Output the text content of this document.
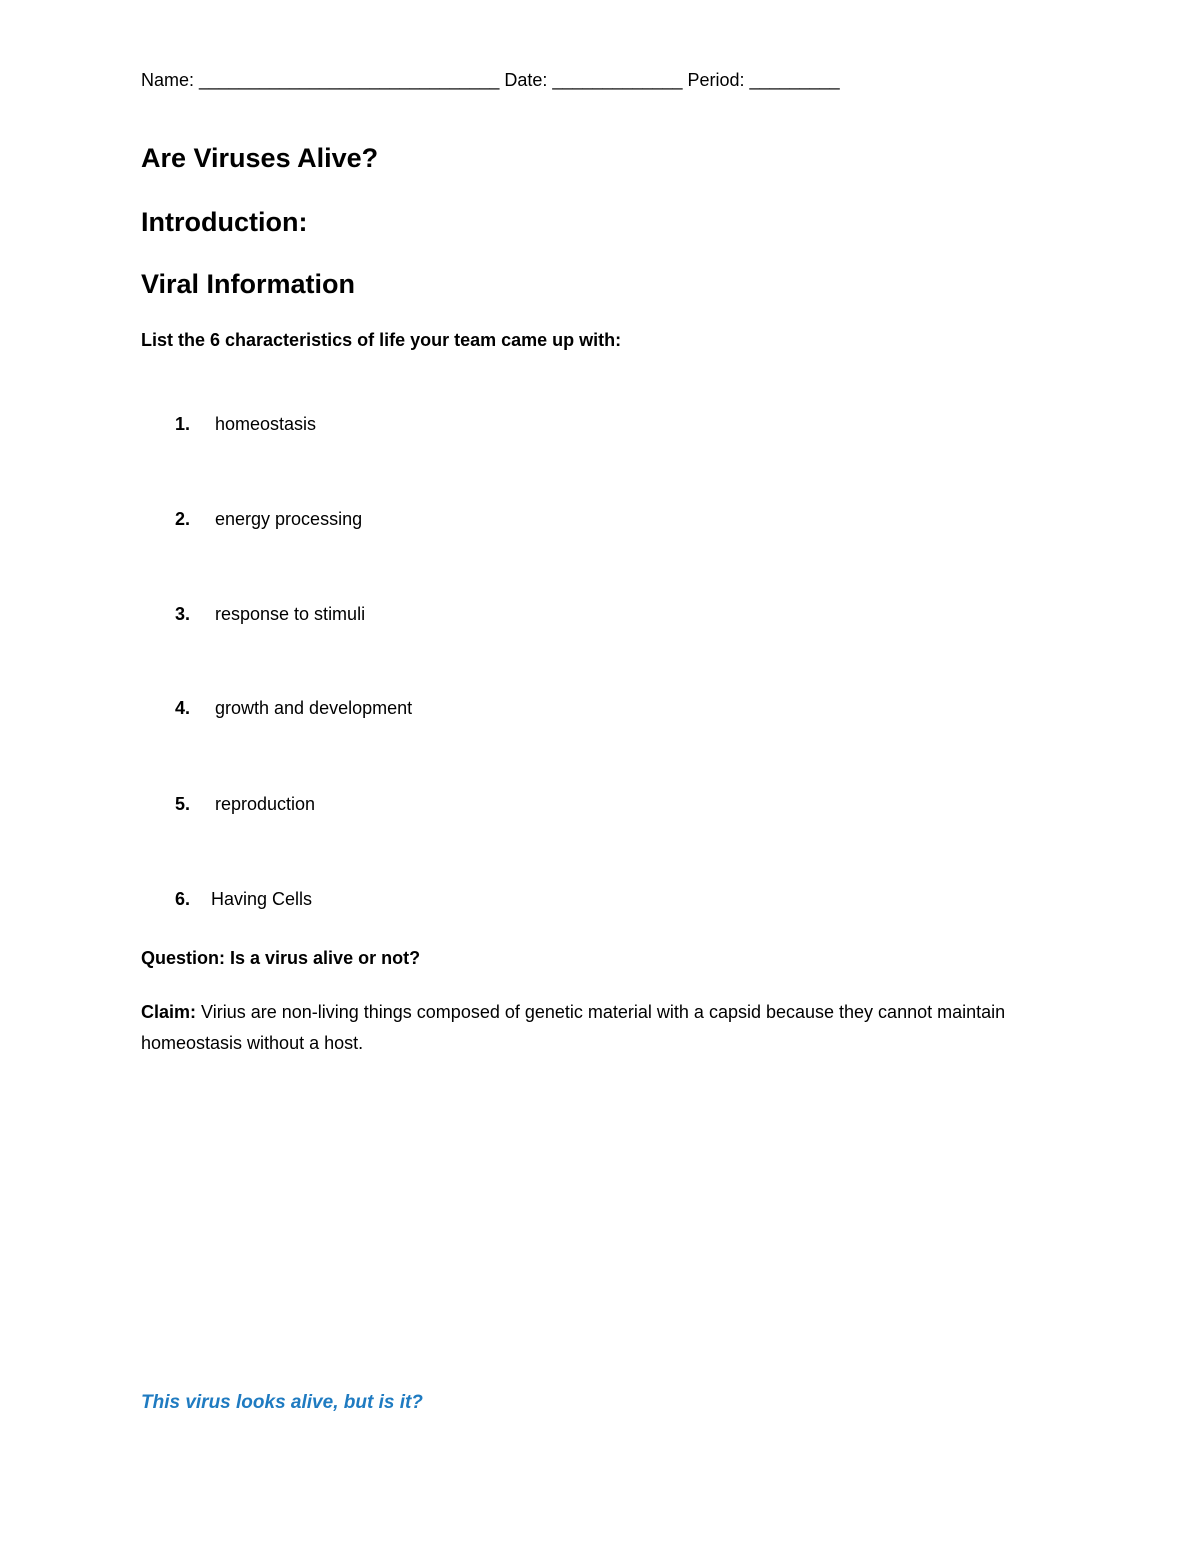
Name: ______________________________ Date: _____________ Period: _________
Are Viruses Alive?
Introduction:
Viral Information
List the 6 characteristics of life your team came up with:
1. homeostasis
2. energy processing
3. response to stimuli
4. growth and development
5. reproduction
6. Having Cells
Question: Is a virus alive or not?
Claim: Virius are non-living things composed of genetic material with a capsid because they cannot maintain homeostasis without a host.
This virus looks alive, but is it?
